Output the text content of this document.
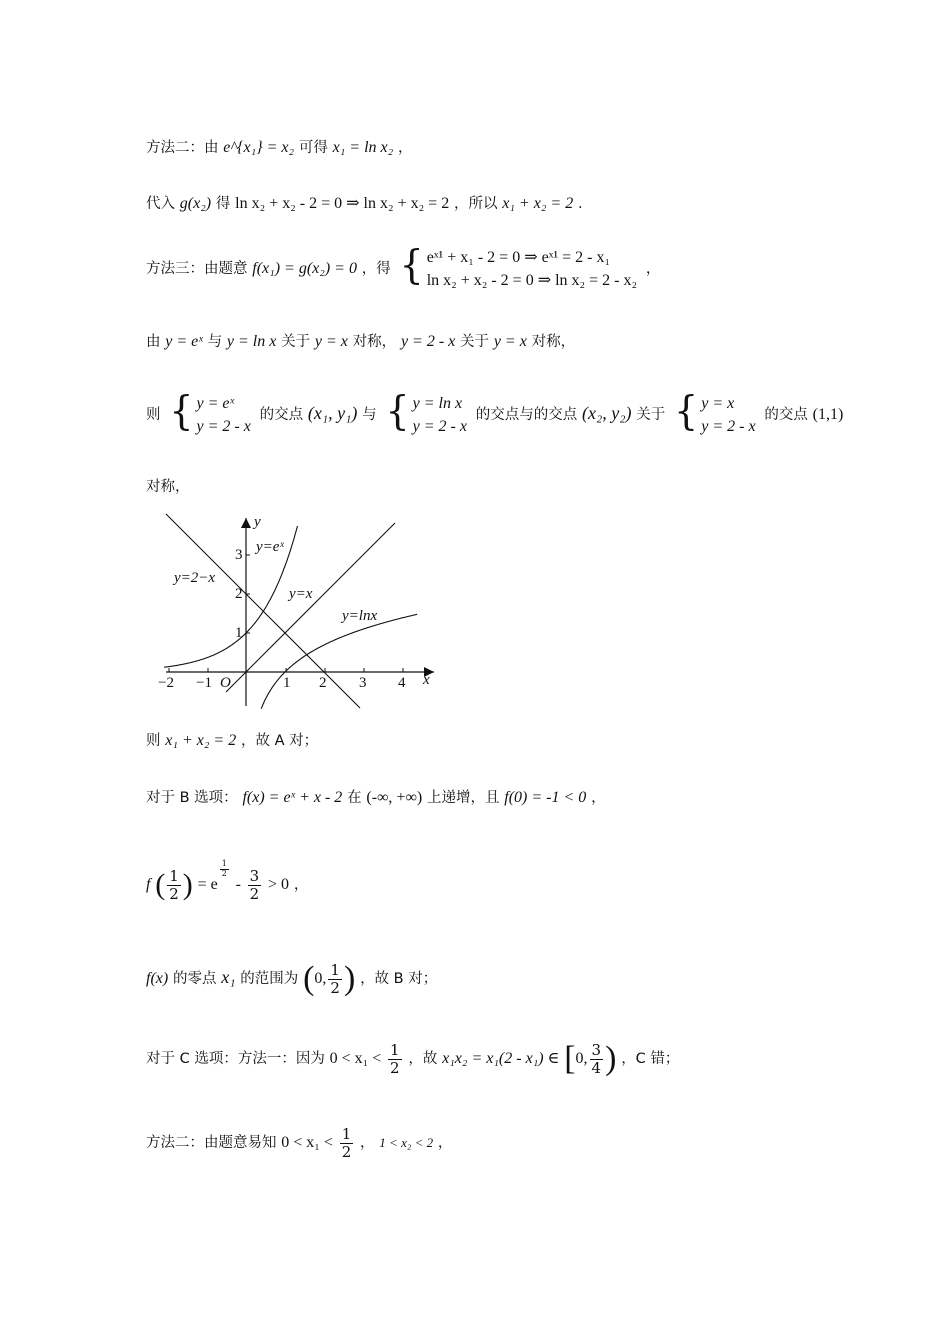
方法二：由 e^{x₁} = x₂ 可得 x₁ = ln x₂ ，
代入 g(x₂) 得 ln x₂ + x₂ - 2 = 0 ⇒ ln x₂ + x₂ = 2 ，所以 x₁ + x₂ = 2 .
方法三：由题意 f(x₁) = g(x₂) = 0 ，得 { eˣ¹ + x₁ - 2 = 0 ⇒ eˣ¹ = 2 - x₁
ln x₂ + x₂ - 2 = 0 ⇒ ln x₂ = 2 - x₂
，
由 y = eˣ 与 y = ln x 关于 y = x 对称， y = 2 - x 关于 y = x 对称，
则 { y = eˣ
y = 2 - x
的交点 (x₁, y₁) 与 { y = ln x
y = 2 - x
的交点与的交点 (x₂, y₂) 关于 { y = x
y = 2 - x
的交点 (1,1)
对称，
y
x
O
−2 −1	1 2 3 4
1
2
3 y=eˣ
y=2−x
y=x
y=lnx
则 x₁ + x₂ = 2 ，故 A 对；
对于 B 选项： f(x) = eˣ + x - 2 在 (-∞, +∞) 上递增，且 f(0) = -1 < 0 ，
f ( $\frac{1}{2}$ ) = e
$^{\frac{1}{2}}$
- $\frac{3}{2} > 0$ ，
f(x) 的零点 x₁ 的范围为 (0, $\frac{1}{2}$ ) ，故 B 对；
对于 C 选项：方法一：因为 $0 < x_1 < \frac{1}{2}$ ，故 x₁x₂ = x₁(2 - x₁) ∈ [0, $\frac{3}{4}$ ) ，C 错；
方法二：由题意易知 $0 < x_1 < \frac{1}{2}$ ， 1 < x₂ < 2 ，
